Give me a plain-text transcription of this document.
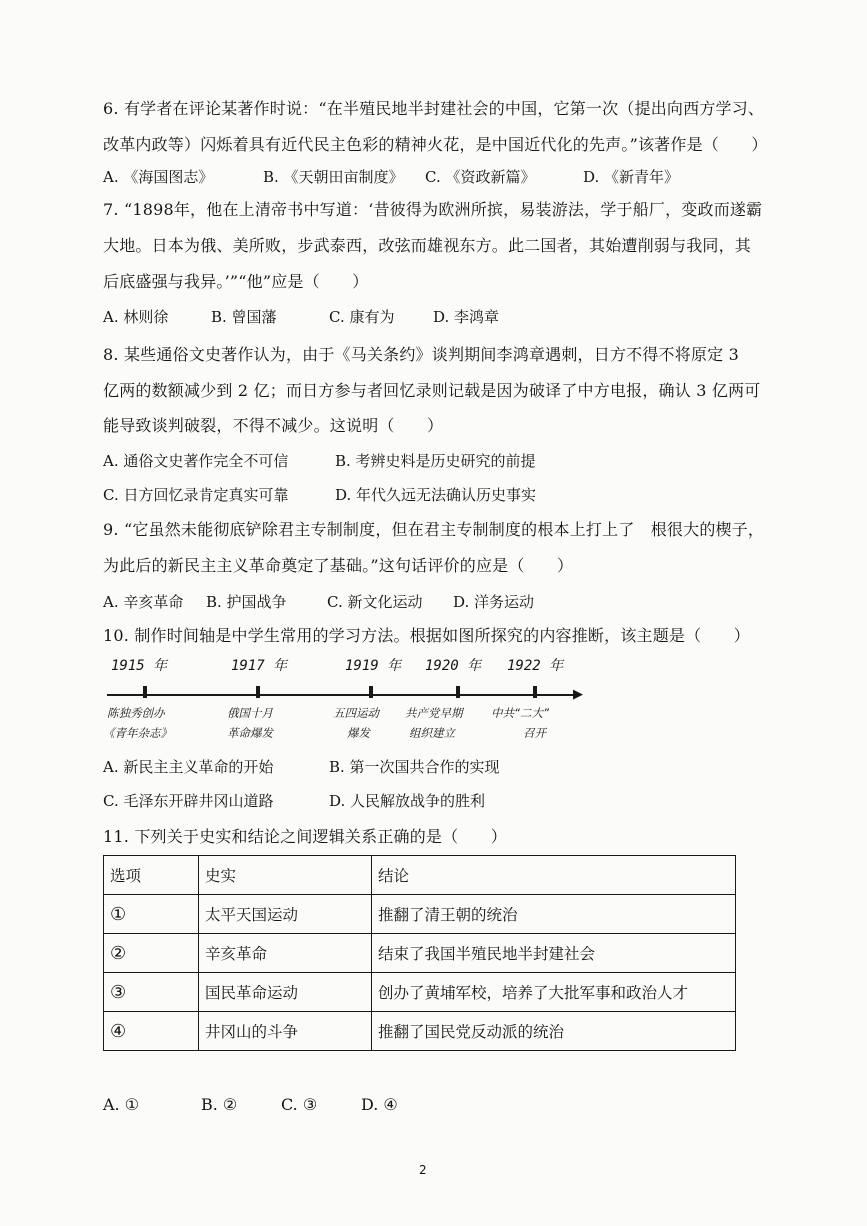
6. 有学者在评论某著作时说：“在半殖民地半封建社会的中国，它第一次（提出向西方学习、
改革内政等）闪烁着具有近代民主色彩的精神火花，是中国近代化的先声。”该著作是（　　）
A. 《海国图志》	B. 《天朝田亩制度》 C. 《资政新篇》	D. 《新青年》
7. “1898年，他在上清帝书中写道：‘昔彼得为欧洲所摈，易装游法，学于船厂，变政而遂霸
大地。日本为俄、美所败，步武泰西，改弦而雄视东方。此二国者，其始遭削弱与我同，其
后底盛强与我异。’”“他”应是（　　）
A. 林则徐	B. 曾国藩	C. 康有为	D. 李鸿章
8. 某些通俗文史著作认为，由于《马关条约》谈判期间李鸿章遇刺，日方不得不将原定 3
亿两的数额减少到 2 亿；而日方参与者回忆录则记载是因为破译了中方电报，确认 3 亿两可
能导致谈判破裂，不得不减少。这说明（　　）
A. 通俗文史著作完全不可信	B. 考辨史料是历史研究的前提
C. 日方回忆录肯定真实可靠	D. 年代久远无法确认历史事实
9. “它虽然未能彻底铲除君主专制制度，但在君主专制制度的根本上打上了　根很大的楔子，
为此后的新民主主义革命奠定了基础。”这句话评价的应是（　　）
A. 辛亥革命 B. 护国战争	C. 新文化运动 D. 洋务运动
10. 制作时间轴是中学生常用的学习方法。根据如图所探究的内容推断，该主题是（　　）
▶
1915 年
陈独秀创办
《青年杂志》
1917 年
俄国十月
革命爆发
1919 年
五四运动
爆发
1920 年
共产党早期
组织建立
1922 年
中共“二大”
召开
A. 新民主主义革命的开始	B. 第一次国共合作的实现
C. 毛泽东开辟井冈山道路	D. 人民解放战争的胜利
11. 下列关于史实和结论之间逻辑关系正确的是（　　）
选项	史实	结论
①	太平天国运动	推翻了清王朝的统治
②	辛亥革命	结束了我国半殖民地半封建社会
③	国民革命运动	创办了黄埔军校，培养了大批军事和政治人才
④	井冈山的斗争	推翻了国民党反动派的统治
A. ①	B. ②	C. ③	D. ④
2
